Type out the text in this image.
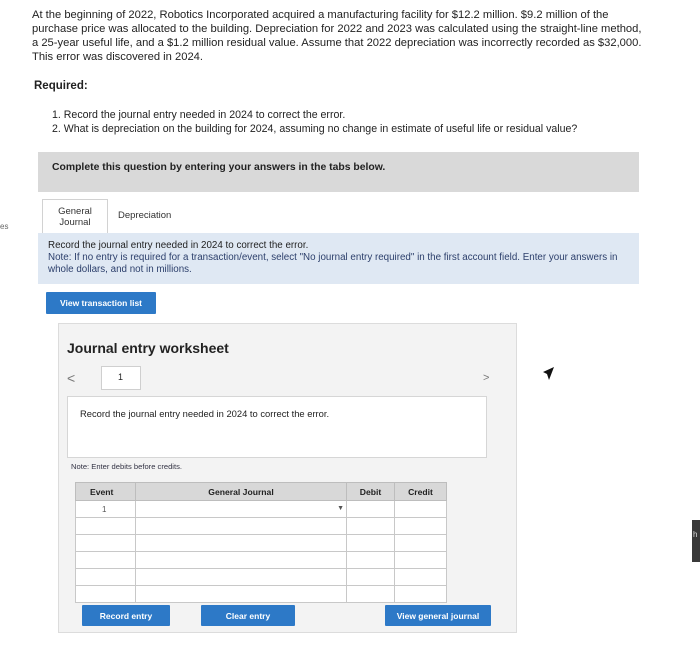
es
h
At the beginning of 2022, Robotics Incorporated acquired a manufacturing facility for $12.2 million. $9.2 million of the purchase price was allocated to the building. Depreciation for 2022 and 2023 was calculated using the straight-line method, a 25-year useful life, and a $1.2 million residual value. Assume that 2022 depreciation was incorrectly recorded as $32,000. This error was discovered in 2024.
Required:
1. Record the journal entry needed in 2024 to correct the error.
2. What is depreciation on the building for 2024, assuming no change in estimate of useful life or residual value?
Complete this question by entering your answers in the tabs below.
General
Journal
Depreciation
Record the journal entry needed in 2024 to correct the error.
Note: If no entry is required for a transaction/event, select "No journal entry required" in the first account field. Enter your answers in whole dollars, and not in millions.
View transaction list
Journal entry worksheet
<	1	>
Record the journal entry needed in 2024 to correct the error.
Note: Enter debits before credits.
Event	General Journal	Debit	Credit
1	▼

Record entry	Clear entry	View general journal
